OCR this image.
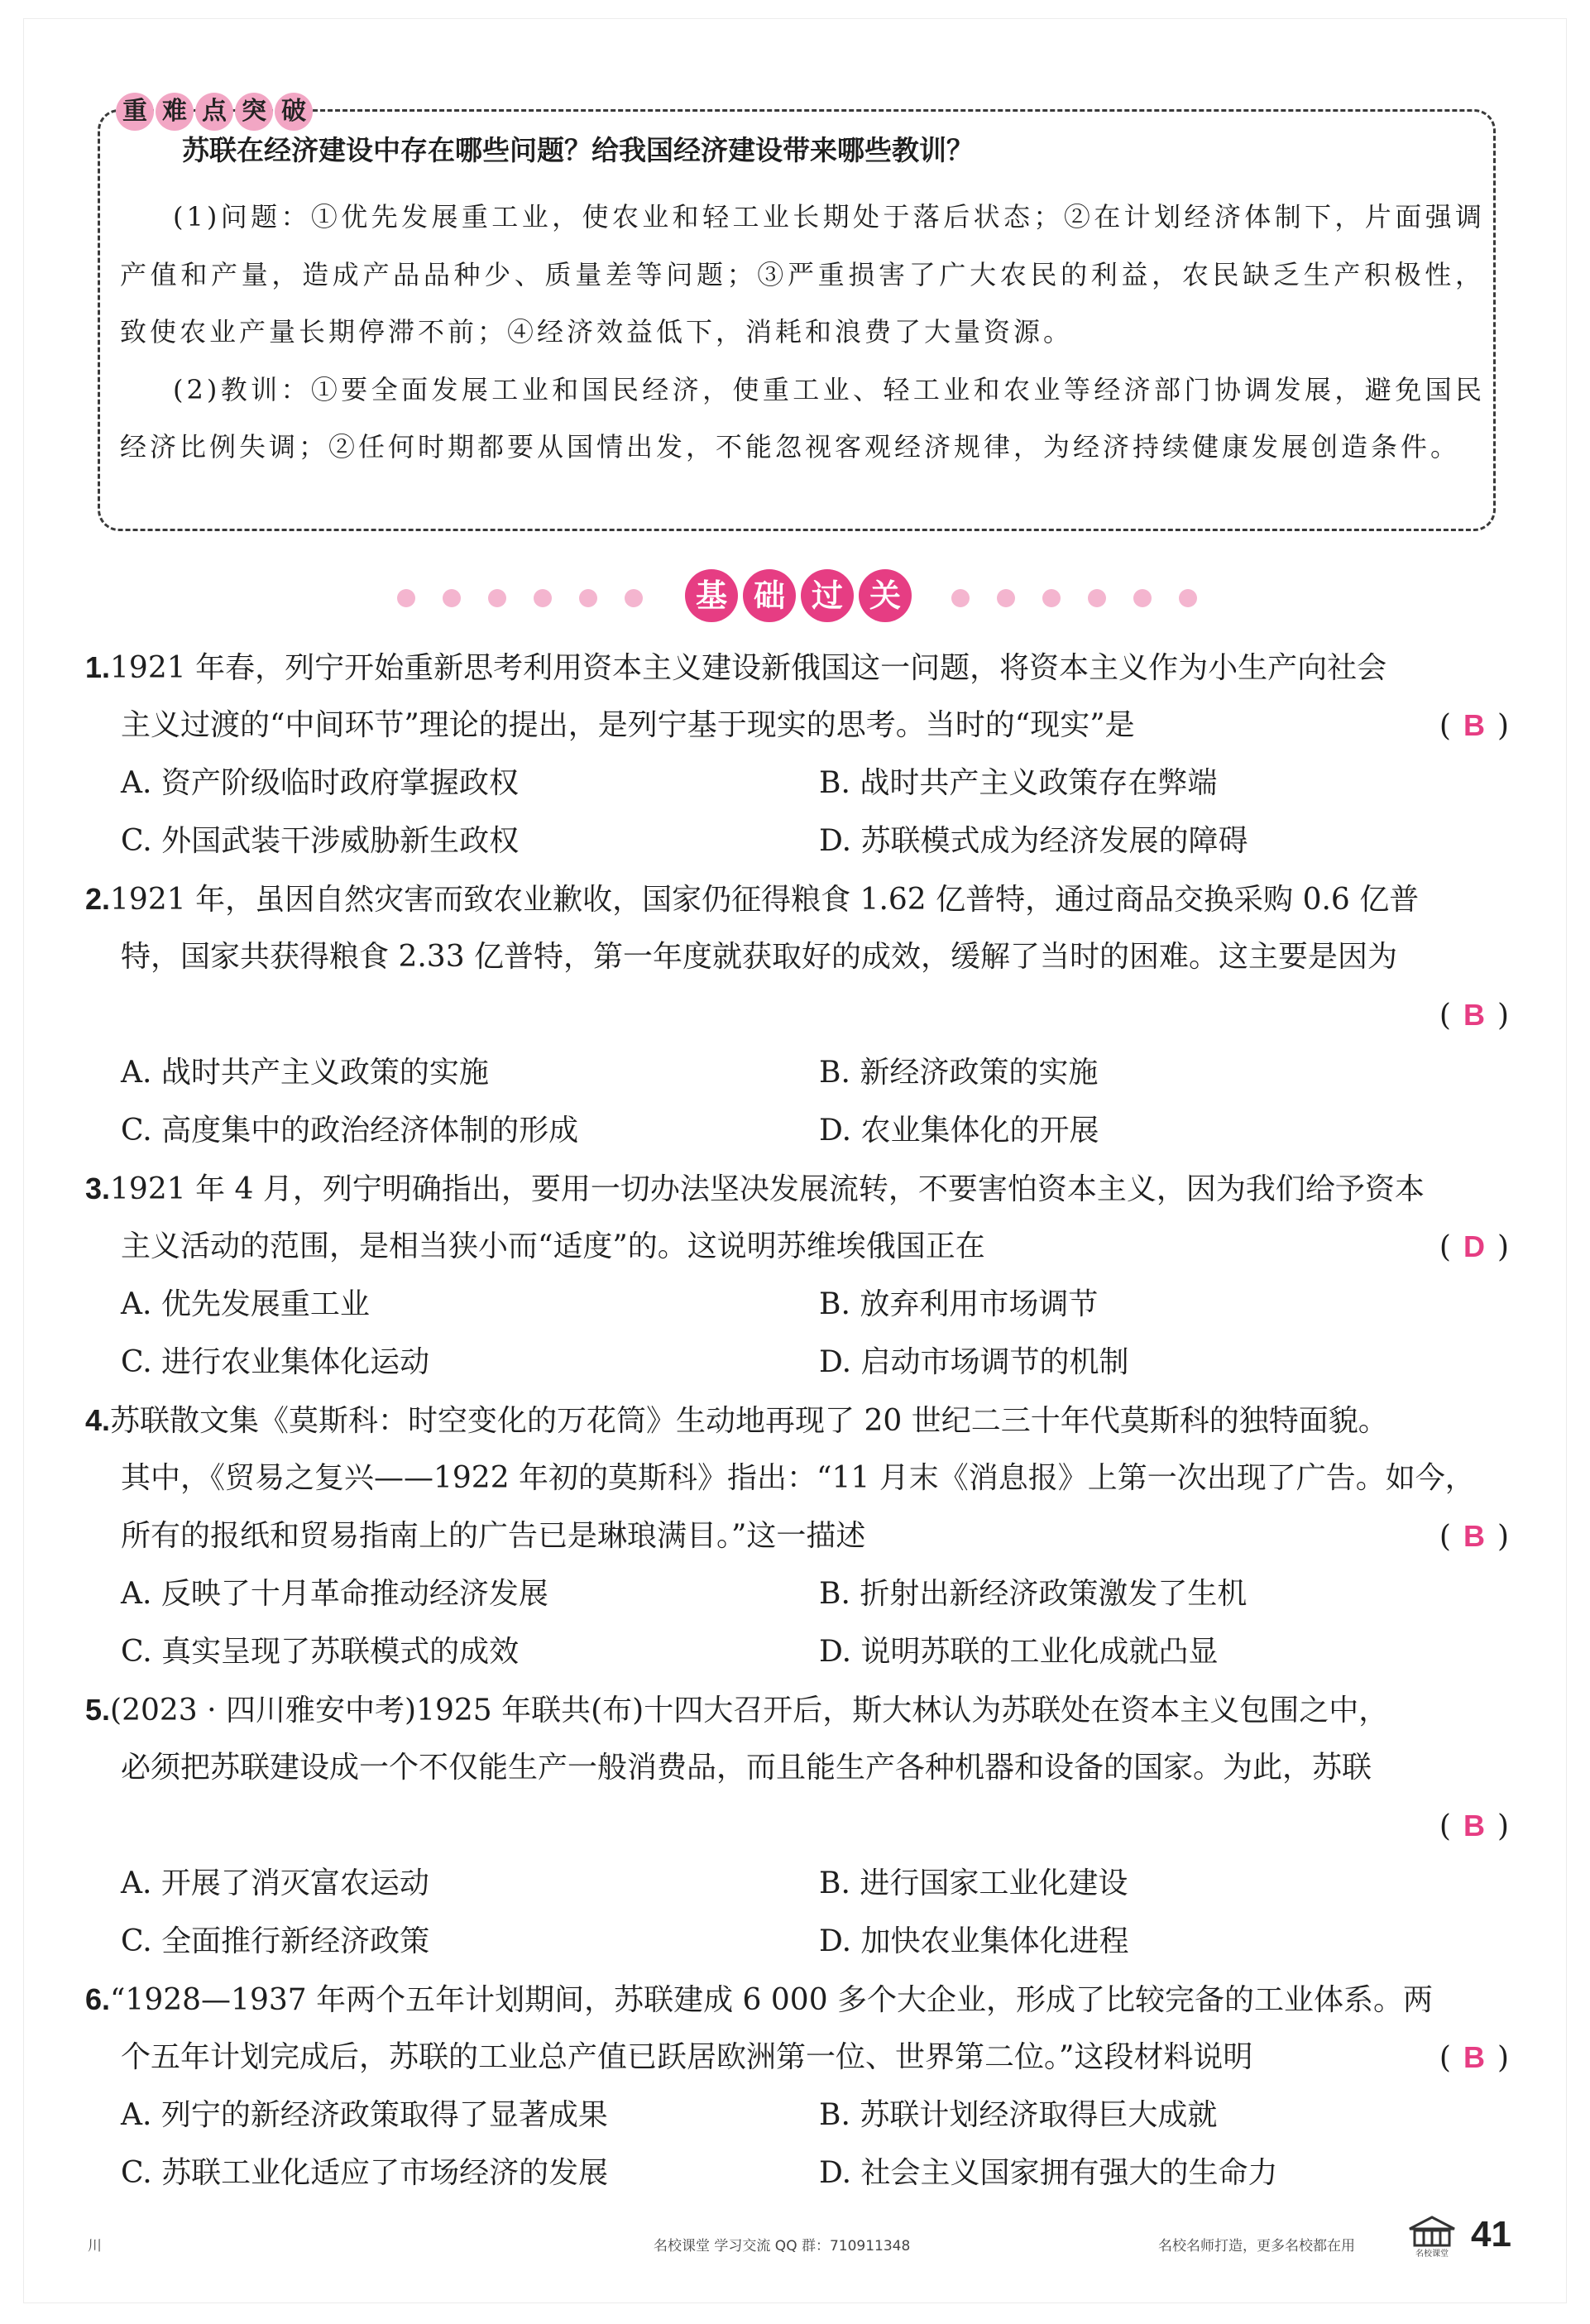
重 难 点 突 破
苏联在经济建设中存在哪些问题？给我国经济建设带来哪些教训？

(1)问题：①优先发展重工业，使农业和轻工业长期处于落后状态；②在计划经济体制下，片面强调产值和产量，造成产品品种少、质量差等问题；③严重损害了广大农民的利益，农民缺乏生产积极性，致使农业产量长期停滞不前；④经济效益低下，消耗和浪费了大量资源。

(2)教训：①要全面发展工业和国民经济，使重工业、轻工业和农业等经济部门协调发展，避免国民经济比例失调；②任何时期都要从国情出发，不能忽视客观经济规律，为经济持续健康发展创造条件。

基 础 过 关
1.1921 年春，列宁开始重新思考利用资本主义建设新俄国这一问题，将资本主义作为小生产向社会
主义过渡的“中间环节”理论的提出，是列宁基于现实的思考。当时的“现实”是	( B )
A. 资产阶级临时政府掌握政权	B. 战时共产主义政策存在弊端
C. 外国武装干涉威胁新生政权	D. 苏联模式成为经济发展的障碍
2.1921 年，虽因自然灾害而致农业歉收，国家仍征得粮食 1.62 亿普特，通过商品交换采购 0.6 亿普
特，国家共获得粮食 2.33 亿普特，第一年度就获取好的成效，缓解了当时的困难。这主要是因为
( B )
A. 战时共产主义政策的实施	B. 新经济政策的实施
C. 高度集中的政治经济体制的形成	D. 农业集体化的开展
3.1921 年 4 月，列宁明确指出，要用一切办法坚决发展流转，不要害怕资本主义，因为我们给予资本
主义活动的范围，是相当狭小而“适度”的。这说明苏维埃俄国正在	( D )
A. 优先发展重工业	B. 放弃利用市场调节
C. 进行农业集体化运动	D. 启动市场调节的机制
4.苏联散文集《莫斯科：时空变化的万花筒》生动地再现了 20 世纪二三十年代莫斯科的独特面貌。
其中，《贸易之复兴——1922 年初的莫斯科》指出：“11 月末《消息报》上第一次出现了广告。如今，
所有的报纸和贸易指南上的广告已是琳琅满目。”这一描述	( B )
A. 反映了十月革命推动经济发展	B. 折射出新经济政策激发了生机
C. 真实呈现了苏联模式的成效	D. 说明苏联的工业化成就凸显
5.(2023 · 四川雅安中考)1925 年联共(布)十四大召开后，斯大林认为苏联处在资本主义包围之中，
必须把苏联建设成一个不仅能生产一般消费品，而且能生产各种机器和设备的国家。为此，苏联
( B )
A. 开展了消灭富农运动	B. 进行国家工业化建设
C. 全面推行新经济政策	D. 加快农业集体化进程
6.“1928—1937 年两个五年计划期间，苏联建成 6 000 多个大企业，形成了比较完备的工业体系。两
个五年计划完成后，苏联的工业总产值已跃居欧洲第一位、世界第二位。”这段材料说明	( B )
A. 列宁的新经济政策取得了显著成果	B. 苏联计划经济取得巨大成就
C. 苏联工业化适应了市场经济的发展	D. 社会主义国家拥有强大的生命力
川	名校课堂 学习交流 QQ 群：710911348	名校名师打造，更多名校都在用	名校课堂 41
